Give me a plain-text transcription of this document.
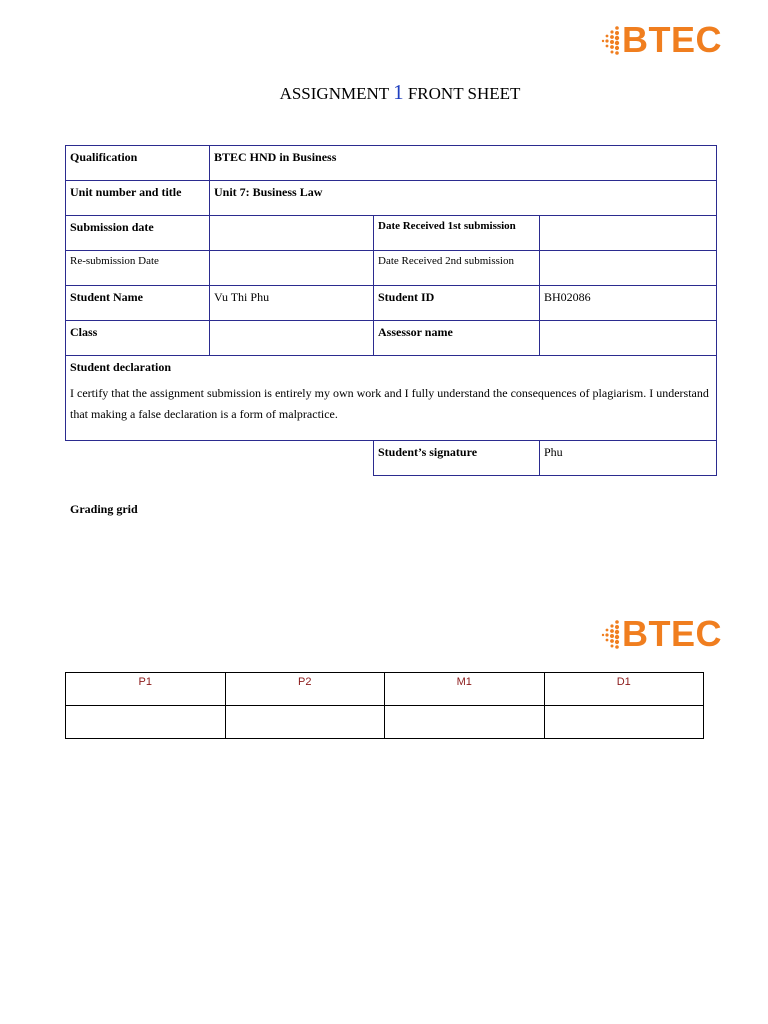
BTEC
ASSIGNMENT 1 FRONT SHEET
Qualification	BTEC HND in Business		
Unit number and title	Unit 7: Business Law		
Submission date		Date Received 1st submission	
Re-submission Date		Date Received 2nd submission	
Student Name	Vu Thi Phu	Student ID	BH02086
Class		Assessor name	

Student declaration
I certify that the assignment submission is entirely my own work and I fully understand the consequences of plagiarism. I understand that making a false declaration is a form of malpractice.			

		Student’s signature	Phu
Grading grid
BTEC
P1	P2	M1	D1
